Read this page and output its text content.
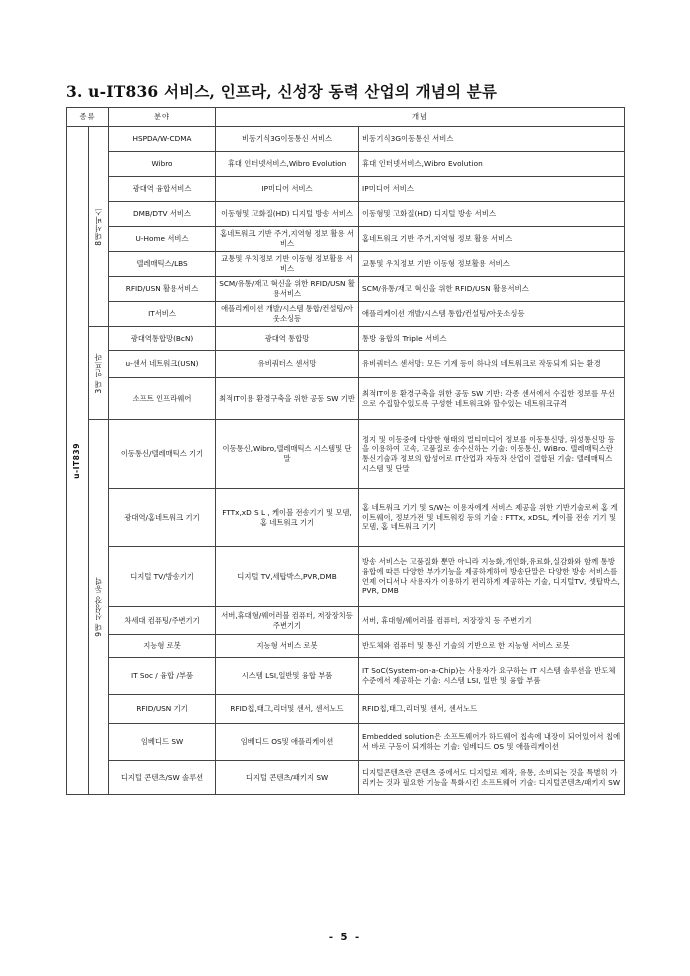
3. u-IT836 서비스, 인프라, 신성장 동력 산업의 개념의 분류
종류		분야	개념	

u-IT839	8대서비스	HSPDA/W-CDMA	비동기식3G이동통신 서비스	비동기식3G이동통신 서비스
		Wibro	휴대 인터넷서비스,Wibro Evolution	휴대 인터넷서비스,Wibro Evolution
		광대역 융합서비스	IP미디어 서비스	IP미디어 서비스
		DMB/DTV 서비스	이동형및 고화질(HD) 디지털 방송 서비스	이동형및 고화질(HD) 디지털 방송 서비스
		U-Home 서비스	홈네트워크 기반 주거,지역형 정보 활용 서비스	홈네트워크 기반 주거,지역형 정보 활용 서비스
		텔레매틱스/LBS	교통및 우치정보 기반 이동형 정보활용 서비스	교통및 우치정보 기반 이동형 정보활용 서비스
		RFID/USN 활용서비스	SCM/유통/재고 혁신을 위한 RFID/USN 활용서비스	SCM/유통/재고 혁신을 위한 RFID/USN 활용서비스
		IT서비스	애플리케이션 개발/시스템 통합/컨설팅/아웃소싱등	애플리케이션 개발/시스템 통합/컨설팅/아웃소싱등

	3대 인프라	광대역통합망(BcN)	광대역 통합망	통방 융합의 Triple 서비스
		u-센서 네트워크(USN)	유비쿼터스 센서망	유비쿼터스 센서망: 모든 기계 등이 하나의 네트워크로 작동되게 되는 환경
		소프트 인프라웨어	최적IT이용 환경구축을 위한 공동 SW 기반	최적IT이용 환경구축을 위한 공동 SW 기반: 각종 센서에서 수집한 정보를 무선으로 수집할수있도록 구성한 네트워크와 할수있는 네트워크규격

	9대 신성장 동력	이동통신/텔레매틱스 기기	이동통신,Wibro,텔레매틱스 시스템및 단말	정지 및 이동중에 다양한 형태의 멀티미디어 정보를 이동통신망, 위성통신망 등을 이용하여 고속, 고품질로 송수신하는 기술: 이동통신, WiBro. 텔레매틱스란 통신기술과 정보의 합성어로 IT산업과 자동차 산업이 결합된 기술: 텔레매틱스 시스템 및 단말
		광대역/홈네트워크 기기	FTTx,xD S L , 케이블 전송기기 및 모뎀, 홈 네트워크 기기	홈 네트워크 기기 및 S/W는 이용자에게 서비스 제공을 위한 기반기술로써 홈 게이트웨이, 정보가전 및 네트워킹 등의 기술 : FTTx, xDSL, 케이블 전송 기기 및 모뎀, 홈 네트워크 기기
		디지털 TV/방송기기	디지털 TV,세탑박스,PVR,DMB	방송 서비스는 고품질화 뿐만 아니라 지능화,개인화,유료화,실감화와 함께 통방융합에 따른 다양한 부가기능을 제공하게하여 방송단말은 다양한 방송 서비스를 언제 어디서나 사용자가 이용하기 편리하게 제공하는 기술, 디지털TV, 셋탑박스, PVR, DMB
		차세대 컴퓨팅/주변기기	서버,휴대형/웨어러블 컴퓨터, 저장장치등 주변기기	서버, 휴대형/웨어러블 컴퓨터, 저장장치 등 주변기기
		지능형 로봇	지능형 서비스 로봇	반도체와 컴퓨터 및 통신 기술의 기반으로 한 지능형 서비스 로봇
		IT Soc / 융합 /부품	시스템 LSI,일반및 융합 부품	IT SoC(System-on-a-Chip)는 사용자가 요구하는 IT 시스템 솔루션을 반도체 수준에서 제공하는 기술: 시스템 LSI, 일반 및 융합 부품
		RFID/USN 기기	RFID칩,태그,리더및 센서, 센서노드	RFID칩,태그,리더및 센서, 센서노드
		임베디드 SW	임베디드 OS및 애플리케이션	Embedded solution은 소프트웨어가 하드웨어 칩속에 내장이 되어있어서 칩에서 바로 구동이 되게하는 기술: 임베디드 OS 및 애플리케이션
		디지털 콘텐츠/SW 솔루션	디지털 콘텐츠/패키지 SW	디지털콘텐츠란 콘텐츠 중에서도 디지털로 제작, 유통, 소비되는 것을 특별히 가리키는 것과 필요한 기능을 특화시킨 소프트웨어 기술: 디지털콘텐츠/패키지 SW
- 5 -
